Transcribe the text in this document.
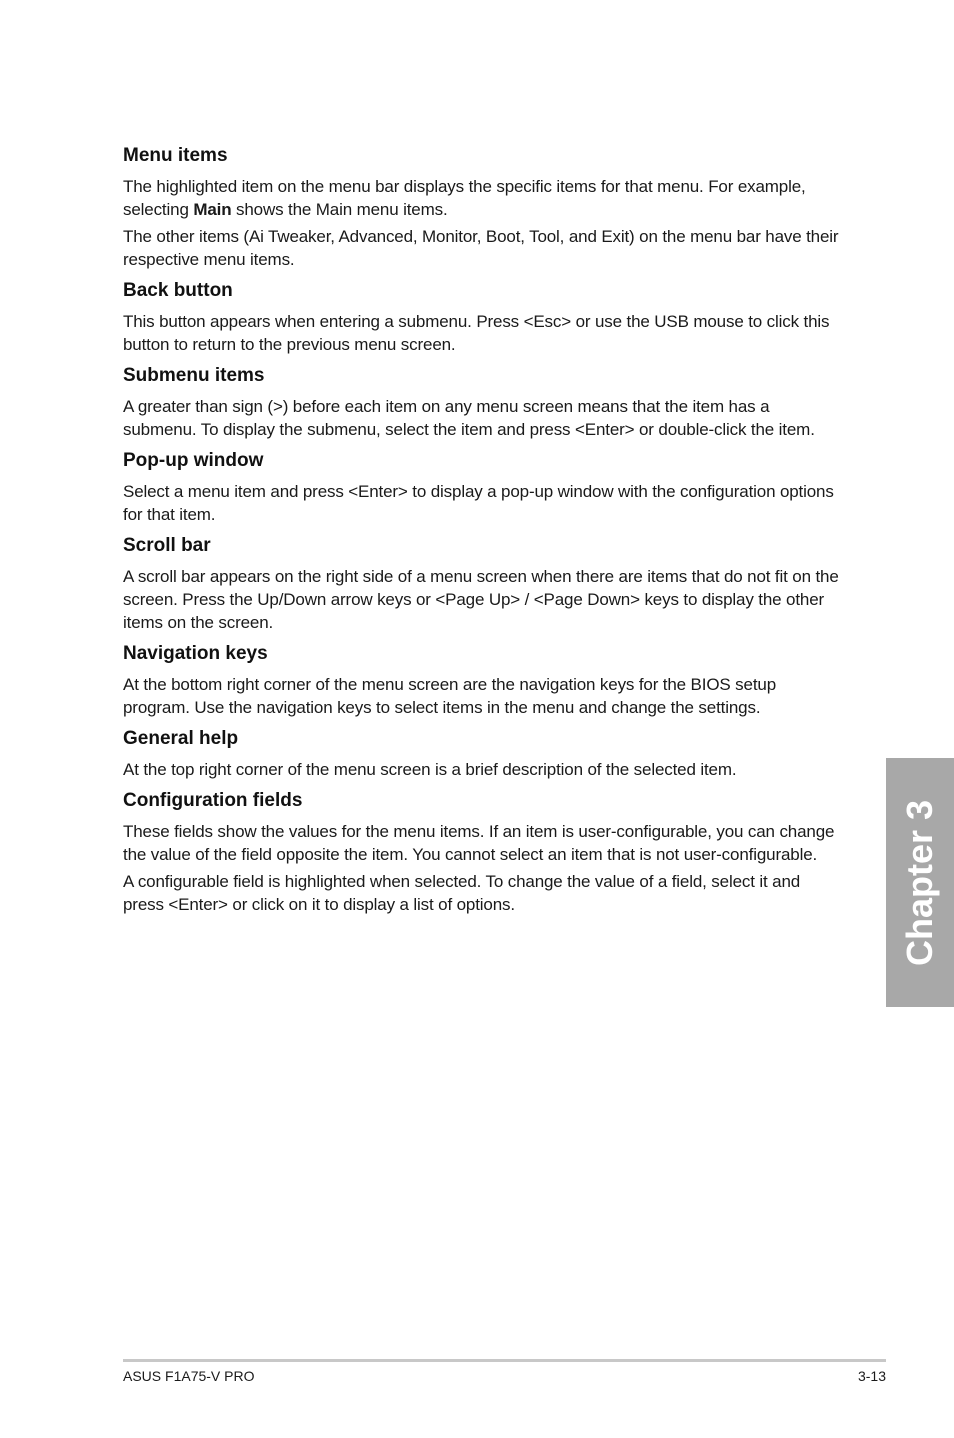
Menu items

The highlighted item on the menu bar displays the specific items for that menu. For example, selecting Main shows the Main menu items.

The other items (Ai Tweaker, Advanced, Monitor, Boot, Tool, and Exit) on the menu bar have their respective menu items.

Back button

This button appears when entering a submenu. Press <Esc> or use the USB mouse to click this button to return to the previous menu screen.

Submenu items

A greater than sign (>) before each item on any menu screen means that the item has a submenu. To display the submenu, select the item and press <Enter> or double-click the item.

Pop-up window

Select a menu item and press <Enter> to display a pop-up window with the configuration options for that item.

Scroll bar

A scroll bar appears on the right side of a menu screen when there are items that do not fit on the screen. Press the Up/Down arrow keys or <Page Up> / <Page Down> keys to display the other items on the screen.

Navigation keys

At the bottom right corner of the menu screen are the navigation keys for the BIOS setup program. Use the navigation keys to select items in the menu and change the settings.

General help

At the top right corner of the menu screen is a brief description of the selected item.

Configuration fields

These fields show the values for the menu items. If an item is user-configurable, you can change the value of the field opposite the item. You cannot select an item that is not user-configurable.

A configurable field is highlighted when selected. To change the value of a field, select it and press <Enter> or click on it to display a list of options.	Chapter 3
ASUS F1A75-V PRO	3-13
